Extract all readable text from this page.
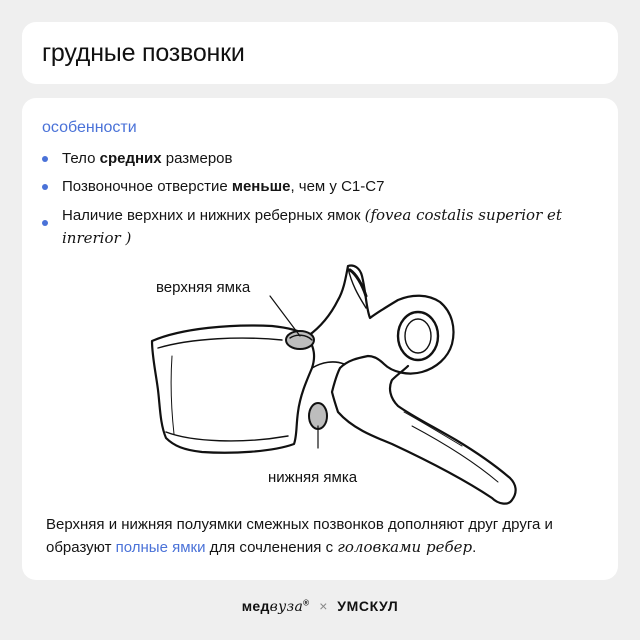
грудные позвонки
особенности
Тело средних размеров
Позвоночное отверстие меньше, чем у С1-С7
Наличие верхних и нижних реберных ямок (fovea costalis superior et inrerior )
верхняя ямка
нижняя ямка
Верхняя и нижняя полуямки смежных позвонков дополняют друг друга и образуют полные ямки для сочленения с головками ребер.
медвуза® × УМСКУЛ
